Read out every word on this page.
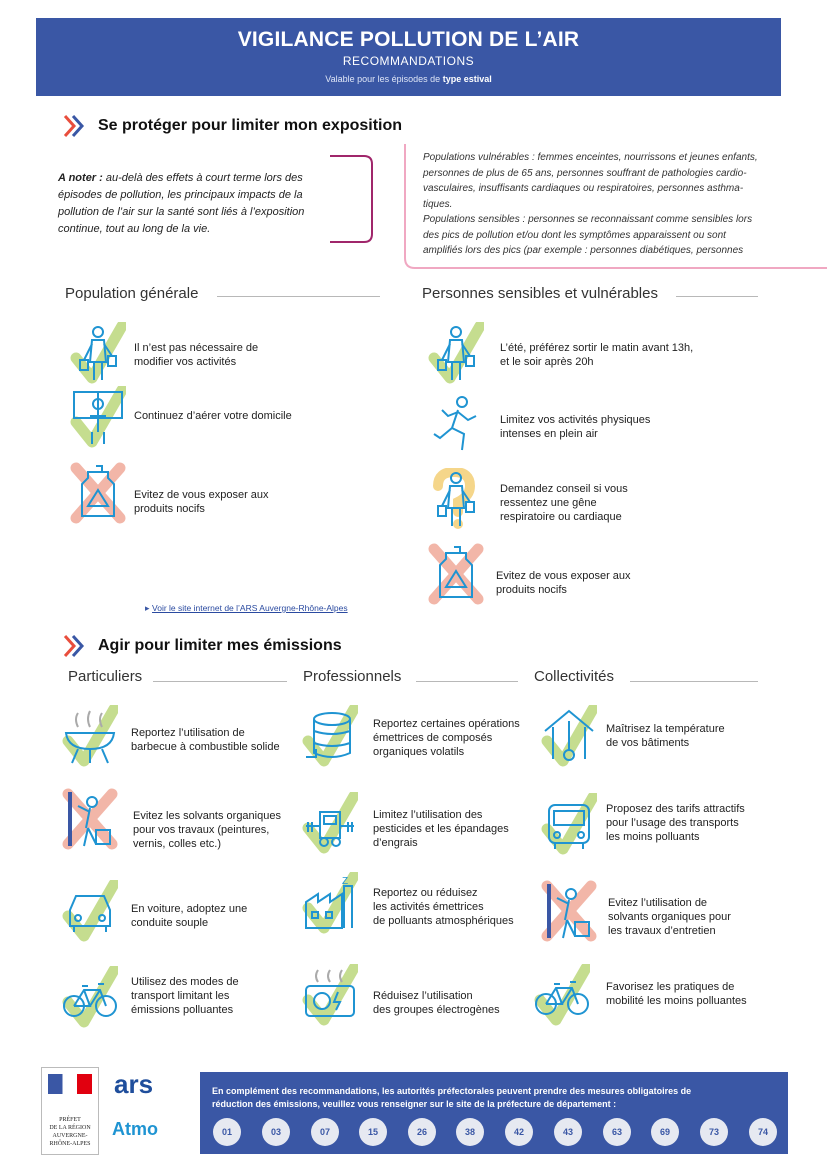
VIGILANCE POLLUTION DE L’AIR
RECOMMANDATIONS
Valable pour les épisodes de type estival
Se protéger pour limiter mon exposition
A noter : au-delà des effets à court terme lors des
épisodes de pollution, les principaux impacts de la
pollution de l’air sur la santé sont liés à l’exposition
continue, tout au long de la vie.
Populations vulnérables : femmes enceintes, nourrissons et jeunes enfants,
personnes de plus de 65 ans, personnes souffrant de pathologies cardio-
vasculaires, insuffisants cardiaques ou respiratoires, personnes asthma-
tiques.
Populations sensibles : personnes se reconnaissant comme sensibles lors
des pics de pollution et/ou dont les symptômes apparaissent ou sont
amplifiés lors des pics (par exemple : personnes diabétiques, personnes
Population générale	Personnes sensibles et vulnérables
Il n’est pas nécessaire de
modifier vos activités
Continuez d’aérer votre domicile
Evitez de vous exposer aux
produits nocifs
▸ Voir le site internet de l’ARS Auvergne-Rhône-Alpes
L’été, préférez sortir le matin avant 13h,
et le soir après 20h
Limitez vos activités physiques
intenses en plein air
Demandez conseil si vous
ressentez une gêne
respiratoire ou cardiaque
Evitez de vous exposer aux
produits nocifs
Agir pour limiter mes émissions
Particuliers	Professionnels	Collectivités
Reportez l’utilisation de
barbecue à combustible solide
Evitez les solvants organiques
pour vos travaux (peintures,
vernis, colles etc.)
En voiture, adoptez une
conduite souple
Utilisez des modes de
transport limitant les
émissions polluantes
Reportez certaines opérations
émettrices de composés
organiques volatils
Limitez l’utilisation des
pesticides et les épandages
d’engrais
Reportez ou réduisez
les activités émettrices
de polluants atmosphériques
Réduisez l’utilisation
des groupes électrogènes
Maîtrisez la température
de vos bâtiments
Proposez des tarifs attractifs
pour l’usage des transports
les moins polluants
Evitez l’utilisation de
solvants organiques pour
les travaux d’entretien
Favorisez les pratiques de
mobilité les moins polluantes
PRÉFET
DE LA RÉGION
AUVERGNE-
RHÔNE-ALPES
ars
Atmo
En complément des recommandations, les autorités préfectorales peuvent prendre des mesures obligatoires de
réduction des émissions, veuillez vous renseigner sur le site de la préfecture de département :
01	03	07	15	26	38	42	43	63	69	73	74
